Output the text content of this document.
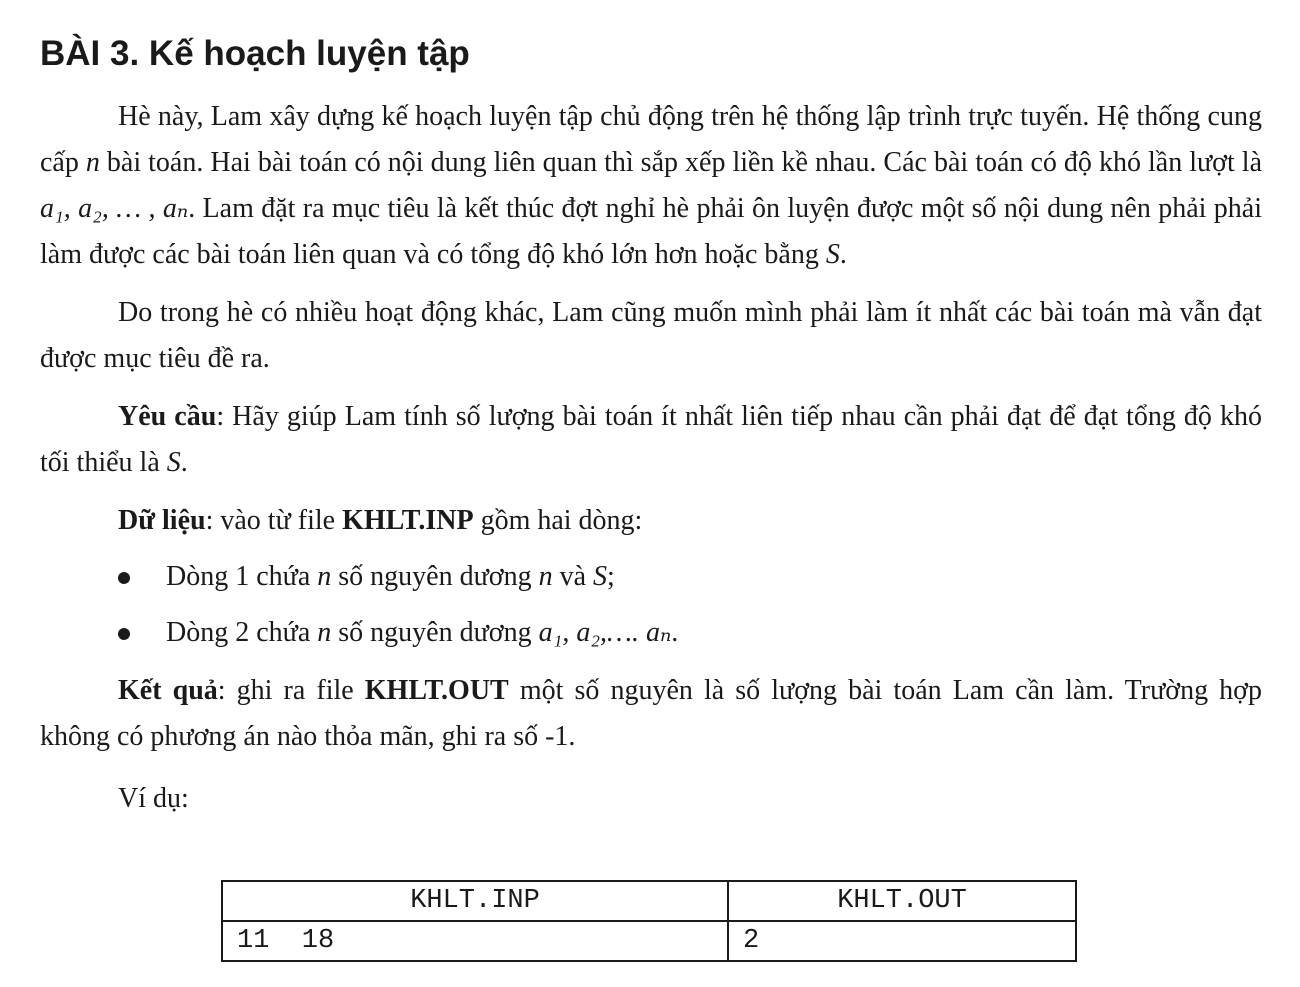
BÀI 3. Kế hoạch luyện tập

Hè này, Lam xây dựng kế hoạch luyện tập chủ động trên hệ thống lập trình trực tuyến. Hệ thống cung cấp n bài toán. Hai bài toán có nội dung liên quan thì sắp xếp liền kề nhau. Các bài toán có độ khó lần lượt là a₁, a₂, … , aₙ. Lam đặt ra mục tiêu là kết thúc đợt nghỉ hè phải ôn luyện được một số nội dung nên phải phải làm được các bài toán liên quan và có tổng độ khó lớn hơn hoặc bằng S.

Do trong hè có nhiều hoạt động khác, Lam cũng muốn mình phải làm ít nhất các bài toán mà vẫn đạt được mục tiêu đề ra.

Yêu cầu: Hãy giúp Lam tính số lượng bài toán ít nhất liên tiếp nhau cần phải đạt để đạt tổng độ khó tối thiểu là S.

Dữ liệu: vào từ file KHLT.INP gồm hai dòng:

Dòng 1 chứa n số nguyên dương n và S;
Dòng 2 chứa n số nguyên dương a₁, a₂,…. aₙ.

Kết quả: ghi ra file KHLT.OUT một số nguyên là số lượng bài toán Lam cần làm. Trường hợp không có phương án nào thỏa mãn, ghi ra số -1.

Ví dụ:
KHLT.INP	KHLT.OUT
11  18	2
